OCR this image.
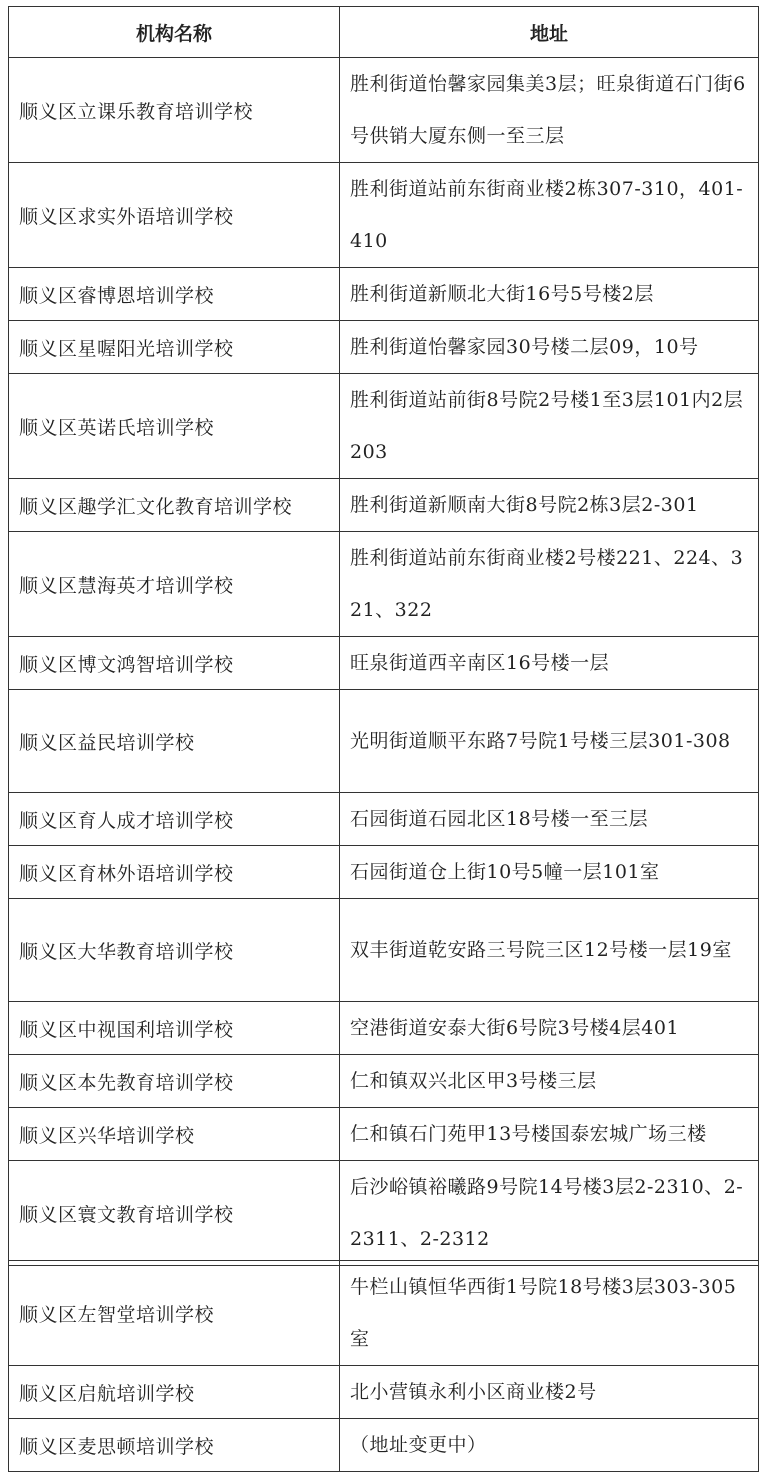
机构名称	地址
顺义区立课乐教育培训学校	胜利街道怡馨家园集美3层；旺泉街道石门街6号供销大厦东侧一至三层
顺义区求实外语培训学校	胜利街道站前东街商业楼2栋307-310，401-410
顺义区睿博恩培训学校	胜利街道新顺北大街16号5号楼2层
顺义区星喔阳光培训学校	胜利街道怡馨家园30号楼二层09，10号
顺义区英诺氏培训学校	胜利街道站前街8号院2号楼1至3层101内2层203
顺义区趣学汇文化教育培训学校	胜利街道新顺南大街8号院2栋3层2-301
顺义区慧海英才培训学校	胜利街道站前东街商业楼2号楼221、224、321、322
顺义区博文鸿智培训学校	旺泉街道西辛南区16号楼一层
顺义区益民培训学校	光明街道顺平东路7号院1号楼三层301-308
顺义区育人成才培训学校	石园街道石园北区18号楼一至三层
顺义区育林外语培训学校	石园街道仓上街10号5幢一层101室
顺义区大华教育培训学校	双丰街道乾安路三号院三区12号楼一层19室
顺义区中视国利培训学校	空港街道安泰大街6号院3号楼4层401
顺义区本先教育培训学校	仁和镇双兴北区甲3号楼三层
顺义区兴华培训学校	仁和镇石门苑甲13号楼国泰宏城广场三楼
顺义区寰文教育培训学校	后沙峪镇裕曦路9号院14号楼3层2-2310、2-2311、2-2312
顺义区左智堂培训学校	牛栏山镇恒华西街1号院18号楼3层303-305室
顺义区启航培训学校	北小营镇永利小区商业楼2号
顺义区麦思顿培训学校	（地址变更中）
